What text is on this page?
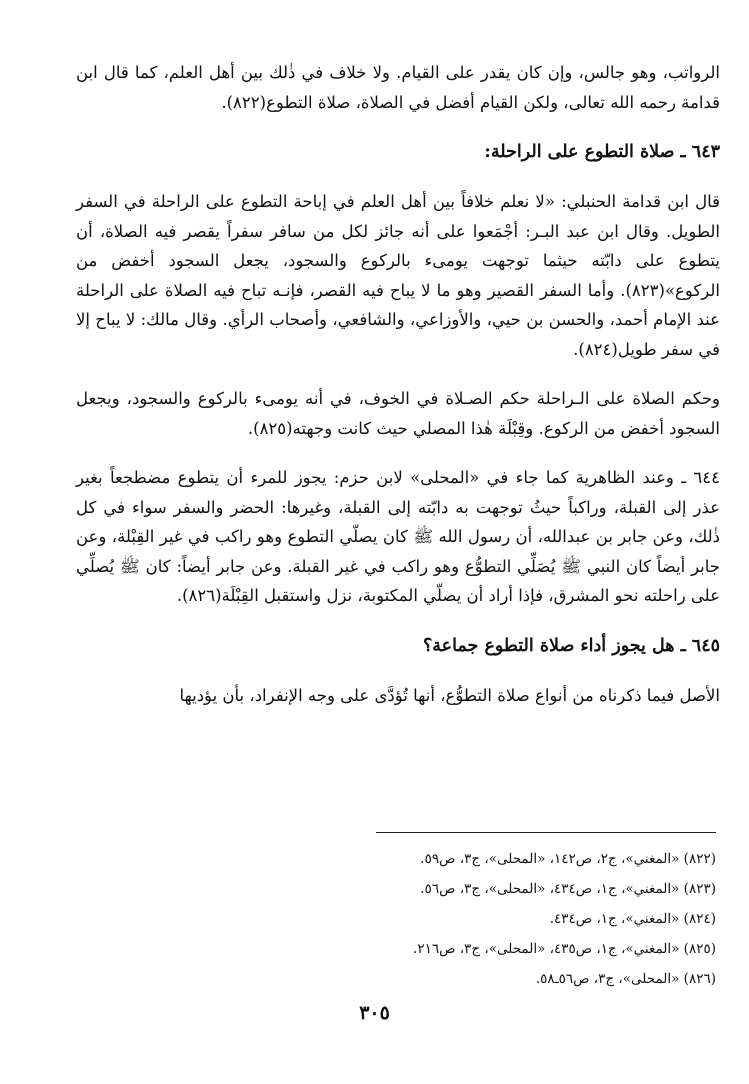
الرواتب، وهو جالس، وإن كان يقدر على القيام. ولا خلاف في ذٰلك بين أهل العلم، كما قال ابن قدامة رحمه الله تعالى، ولكن القيام أفضل في الصلاة، صلاة التطوع(٨٢٢).

٦٤٣ ـ صلاة التطوع على الراحلة:

قال ابن قدامة الحنبلي: «لا نعلم خلافاً بين أهل العلم في إباحة التطوع على الراحلة في السفر الطويل. وقال ابن عبد البـر: أجْمَعوا على أنه جائز لكل من سافر سفراً يقصر فيه الصلاة، أن يتطوع على دابّته حيثما توجهت يومىء بالركوع والسجود، يجعل السجود أخفض من الركوع»(٨٢٣). وأما السفر القصير وهو ما لا يباح فيه القصر، فإنـه تباح فيه الصلاة على الراحلة عند الإمام أحمد، والحسن بن حيي، والأوزاعي، والشافعي، وأصحاب الرأي. وقال مالك: لا يباح إلا في سفر طويل(٨٢٤).

وحكم الصلاة على الـراحلة حكم الصـلاة في الخوف، في أنه يومىء بالركوع والسجود، ويجعل السجود أخفض من الركوع. وقِبْلَة هٰذا المصلي حيث كانت وجهته(٨٢٥).

٦٤٤ ـ وعند الظاهرية كما جاء في «المحلى» لابن حزم: يجوز للمرء أن يتطوع مضطجعاً بغير عذر إلى القبلة، وراكباً حيثُ توجهت به دابّته إلى القبلة، وغيرها: الحضر والسفر سواء في كل ذٰلك، وعن جابر بن عبدالله، أن رسول الله ﷺ كان يصلّي التطوع وهو راكب في غير القِبْلة، وعن جابر أيضاً كان النبي ﷺ يُصَلِّي التطوُّع وهو راكب في غير القبلة. وعن جابر أيضاً: كان ﷺ يُصلِّي على راحلته نحو المشرق، فإذا أراد أن يصلّي المكتوبة، نزل واستقبل القِبْلَة(٨٢٦).

٦٤٥ ـ هل يجوز أداء صلاة التطوع جماعة؟

الأصل فيما ذكرناه من أنواع صلاة التطوُّع، أنها تُؤدَّى على وجه الإنفراد، بأن يؤديها

(٨٢٢) «المغني»، ج٢، ص١٤٢، «المحلى»، ج٣، ص٥٩.

(٨٢٣) «المغني»، ج١، ص٤٣٤، «المحلى»، ج٣، ص٥٦.

(٨٢٤) «المغني»، ج١، ص٤٣٤.

(٨٢٥) «المغني»، ج١، ص٤٣٥، «المحلى»، ج٣، ص٢١٦.

(٨٢٦) «المحلى»، ج٣، ص٥٦ـ٥٨.

٣٠٥
